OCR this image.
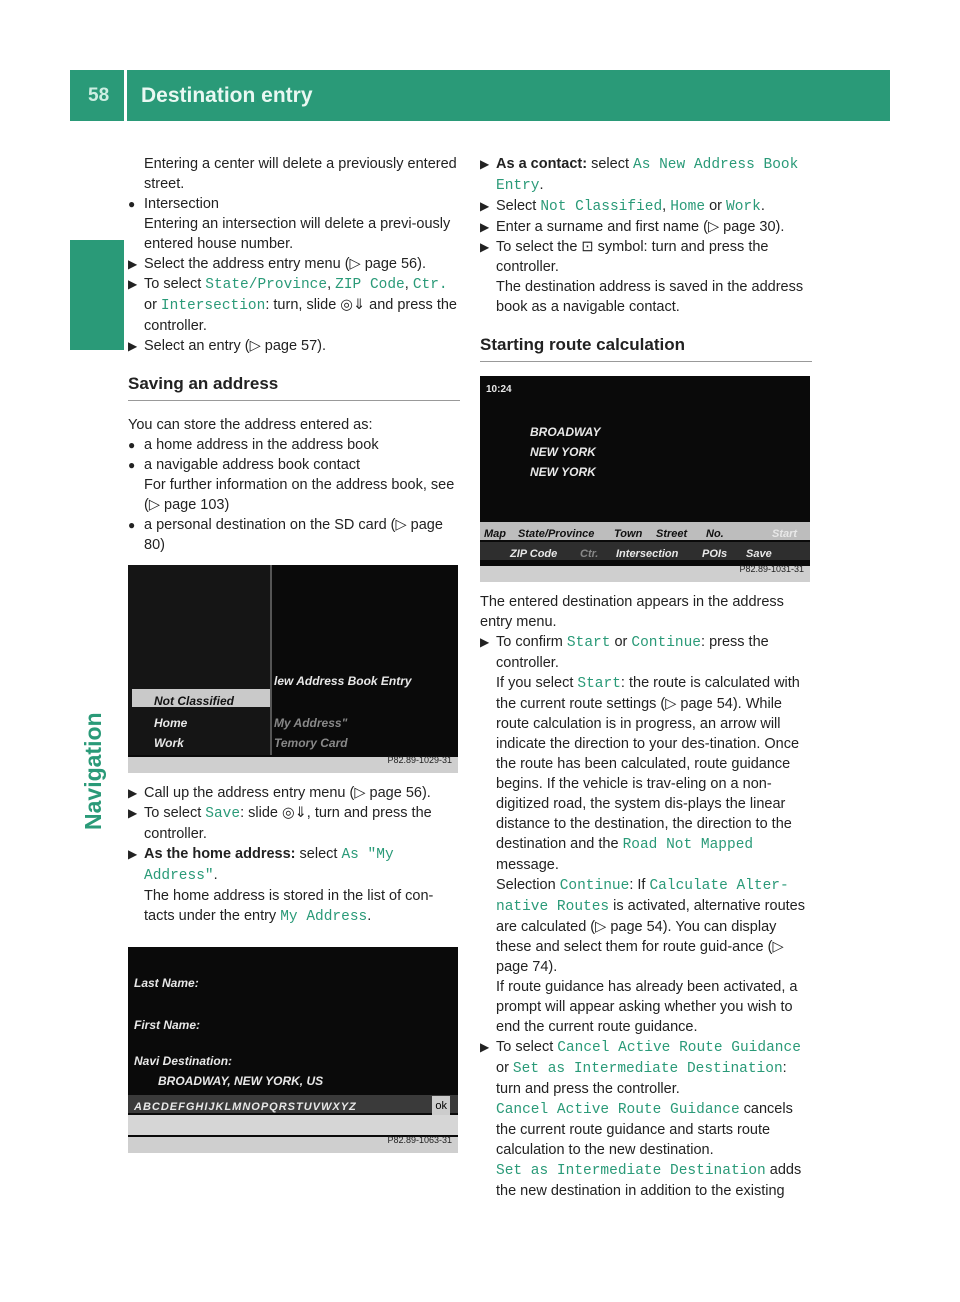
58 Destination entry
Navigation

Entering a center will delete a previously entered street.

● Intersection

Entering an intersection will delete a previ-ously entered house number.

▶ Select the address entry menu (▷ page 56).

▶ To select State/Province, ZIP Code, Ctr.
or Intersection: turn, slide ◎⇓ and press the controller.

▶ Select an entry (▷ page 57).

Saving an address

You can store the address entered as:

● a home address in the address book

● a navigable address book contact

For further information on the address book, see (▷ page 103)

● a personal destination on the SD card (▷ page 80)

Not Classified
Home
Work
lew Address Book Entry
My Address"
Temory Card
P82.89-1029-31

▶ Call up the address entry menu (▷ page 56).

▶ To select Save: slide ◎⇓, turn and press the controller.

▶ As the home address: select As "My Address".

The home address is stored in the list of con-tacts under the entry My Address.

Last Name:
First Name:
Navi Destination:
BROADWAY, NEW YORK, US
ABCDEFGHIJKLMNOPQRSTUVWXYZ	ok
P82.89-1063-31

▶ As a contact: select As New Address Book Entry.

▶ Select Not Classified, Home or Work.

▶ Enter a surname and first name (▷ page 30).

▶ To select the ⊡ symbol: turn and press the controller.

The destination address is saved in the address book as a navigable contact.

Starting route calculation
10:24
BROADWAY
NEW YORK
NEW YORK
Map State/Province Town Street No.	Start
ZIP Code Ctr. Intersection POIs Save
P82.89-1031-31

The entered destination appears in the address entry menu.

▶ To confirm Start or Continue: press the controller.

If you select Start: the route is calculated with the current route settings (▷ page 54). While route calculation is in progress, an arrow will indicate the direction to your des-tination. Once the route has been calculated, route guidance begins. If the vehicle is trav-eling on a non-digitized road, the system dis-plays the linear distance to the destination, the direction to the destination and the Road Not Mapped message.

Selection Continue: If Calculate Alter-native Routes is activated, alternative routes are calculated (▷ page 54). You can display these and select them for route guid-ance (▷ page 74).

If route guidance has already been activated, a prompt will appear asking whether you wish to end the current route guidance.

▶ To select Cancel Active Route Guidance
or Set as Intermediate Destination: turn and press the controller.

Cancel Active Route Guidance cancels the current route guidance and starts route calculation to the new destination.

Set as Intermediate Destination adds the new destination in addition to the existing
